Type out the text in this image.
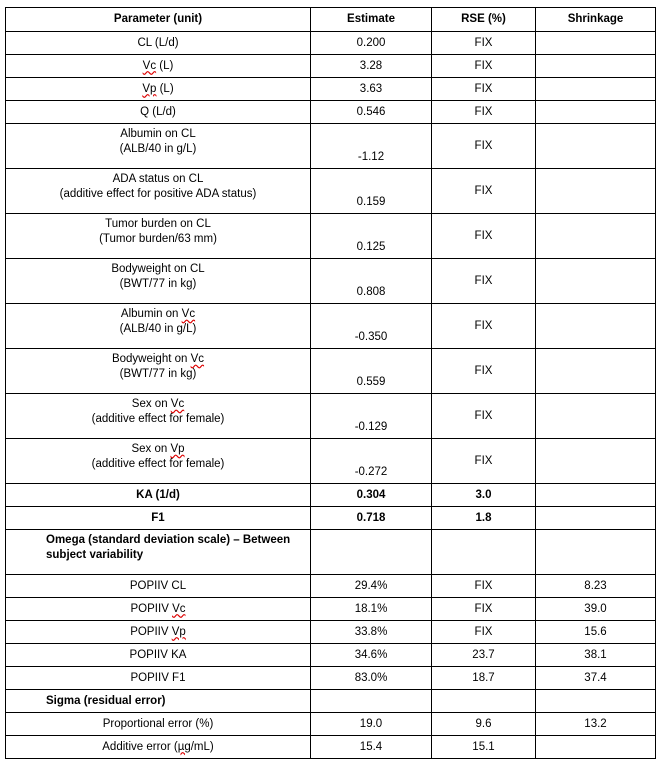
Parameter (unit)	Estimate	RSE (%)	Shrinkage
CL (L/d)	0.200	FIX	
Vc (L)	3.28	FIX	
Vp (L)	3.63	FIX	
Q (L/d)	0.546	FIX	

Albumin on CL
(ALB/40 in g/L)	-1.12	FIX	

ADA status on CL
(additive effect for positive ADA status)	0.159	FIX	

Tumor burden on CL
(Tumor burden/63 mm)	0.125	FIX	

Bodyweight on CL
(BWT/77 in kg)	0.808	FIX	

Albumin on Vc
(ALB/40 in g/L)	-0.350	FIX	

Bodyweight on Vc
(BWT/77 in kg)	0.559	FIX	

Sex on Vc
(additive effect for female)	-0.129	FIX	

Sex on Vp
(additive effect for female)	-0.272	FIX	
KA (1/d)	0.304	3.0	
F1	0.718	1.8	
Omega (standard deviation scale) – Between subject variability			
POPIIV CL	29.4%	FIX	8.23
POPIIV Vc	18.1%	FIX	39.0
POPIIV Vp	33.8%	FIX	15.6
POPIIV KA	34.6%	23.7	38.1
POPIIV F1	83.0%	18.7	37.4
Sigma (residual error)			
Proportional error (%)	19.0	9.6	13.2
Additive error (µg/mL)	15.4	15.1	
